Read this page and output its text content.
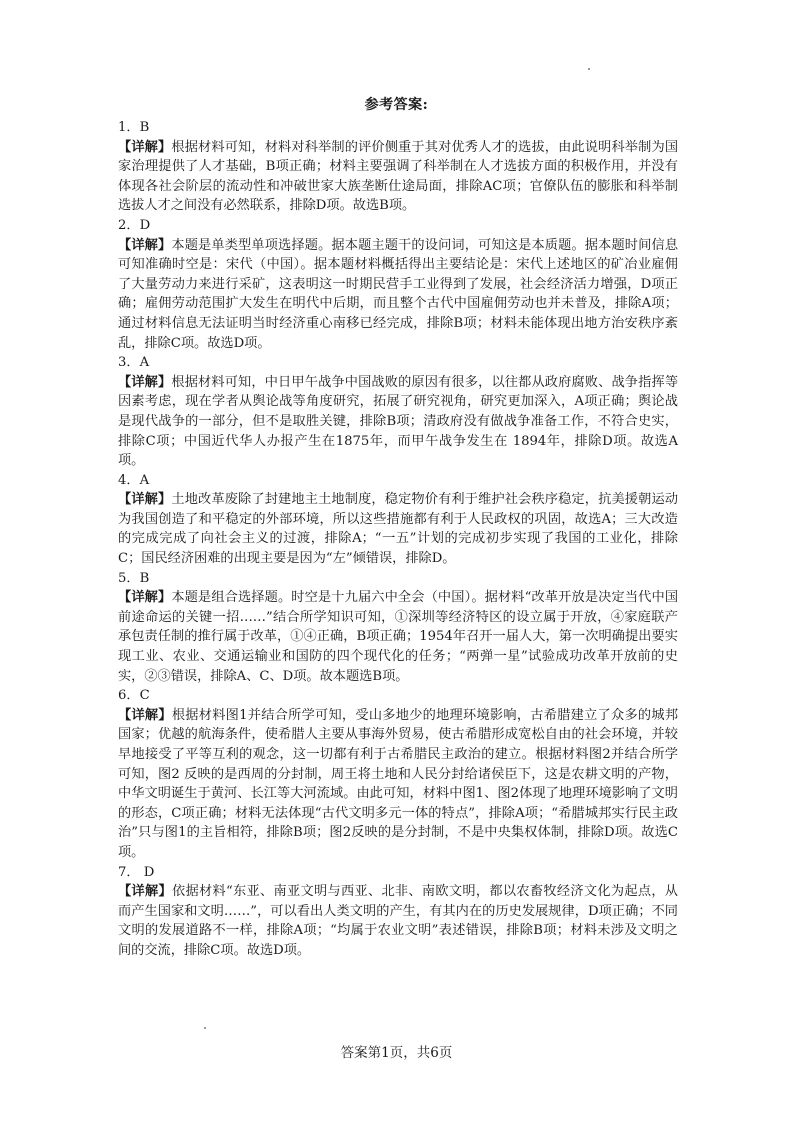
参考答案:

1．B

【详解】根据材料可知，材料对科举制的评价侧重于其对优秀人才的选拔，由此说明科举制为国家治理提供了人才基础，B项正确；材料主要强调了科举制在人才选拔方面的积极作用，并没有体现各社会阶层的流动性和冲破世家大族垄断仕途局面，排除AC项；官僚队伍的膨胀和科举制选拔人才之间没有必然联系，排除D项。故选B项。

2．D

【详解】本题是单类型单项选择题。据本题主题干的设问词，可知这是本质题。据本题时间信息可知准确时空是：宋代（中国）。据本题材料概括得出主要结论是：宋代上述地区的矿冶业雇佣了大量劳动力来进行采矿，这表明这一时期民营手工业得到了发展，社会经济活力增强，D项正确；雇佣劳动范围扩大发生在明代中后期，而且整个古代中国雇佣劳动也并未普及，排除A项；通过材料信息无法证明当时经济重心南移已经完成，排除B项；材料未能体现出地方治安秩序紊乱，排除C项。故选D项。

3．A

【详解】根据材料可知，中日甲午战争中国战败的原因有很多，以往都从政府腐败、战争指挥等因素考虑，现在学者从舆论战等角度研究，拓展了研究视角，研究更加深入，A项正确；舆论战是现代战争的一部分，但不是取胜关键，排除B项；清政府没有做战争准备工作，不符合史实，排除C项；中国近代华人办报产生在1875年，而甲午战争发生在 1894年，排除D项。故选A项。

4．A

【详解】土地改革废除了封建地主土地制度，稳定物价有利于维护社会秩序稳定，抗美援朝运动为我国创造了和平稳定的外部环境，所以这些措施都有利于人民政权的巩固，故选A；三大改造的完成完成了向社会主义的过渡，排除A；“一五”计划的完成初步实现了我国的工业化，排除C；国民经济困难的出现主要是因为“左”倾错误，排除D。

5．B

【详解】本题是组合选择题。时空是十九届六中全会（中国）。据材料“改革开放是决定当代中国前途命运的关键一招……”结合所学知识可知，①深圳等经济特区的设立属于开放，④家庭联产承包责任制的推行属于改革，①④正确，B项正确；1954年召开一届人大，第一次明确提出要实现工业、农业、交通运输业和国防的四个现代化的任务；“两弹一星”试验成功改革开放前的史实，②③错误，排除A、C、D项。故本题选B项。

6．C

【详解】根据材料图1并结合所学可知，受山多地少的地理环境影响，古希腊建立了众多的城邦国家；优越的航海条件，使希腊人主要从事海外贸易，使古希腊形成宽松自由的社会环境，并较早地接受了平等互利的观念，这一切都有利于古希腊民主政治的建立。根据材料图2并结合所学可知，图2 反映的是西周的分封制，周王将土地和人民分封给诸侯臣下，这是农耕文明的产物，中华文明诞生于黄河、长江等大河流域。由此可知，材料中图1、图2体现了地理环境影响了文明的形态，C项正确；材料无法体现“古代文明多元一体的特点”，排除A项；“希腊城邦实行民主政治”只与图1的主旨相符，排除B项；图2反映的是分封制，不是中央集权体制，排除D项。故选C项。

7． D

【详解】依据材料“东亚、南亚文明与西亚、北非、南欧文明，都以农畜牧经济文化为起点，从而产生国家和文明……”，可以看出人类文明的产生，有其内在的历史发展规律，D项正确；不同文明的发展道路不一样，排除A项；“均属于农业文明”表述错误，排除B项；材料未涉及文明之间的交流，排除C项。故选D项。

答案第1页，共6页
